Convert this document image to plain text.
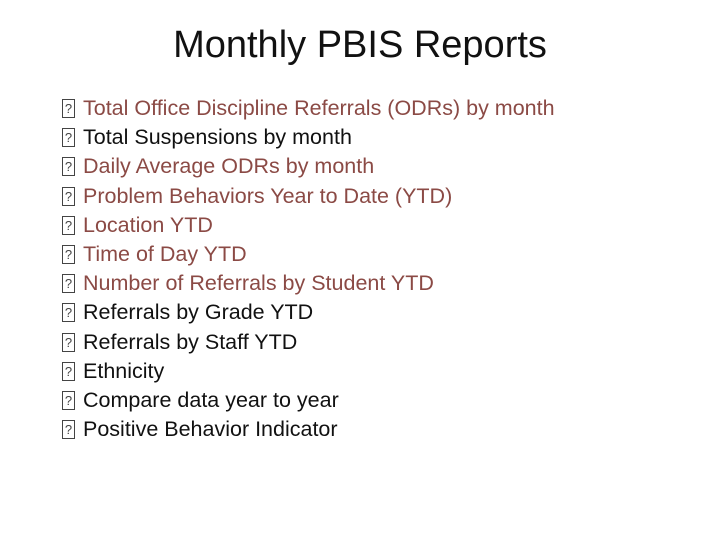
Monthly PBIS Reports
?
Total Office Discipline Referrals (ODRs) by month
?
Total Suspensions by month
?
Daily Average ODRs by month
?
Problem Behaviors Year to Date (YTD)
?
Location YTD
?
Time of Day YTD
?
Number of Referrals by Student YTD
?
Referrals by Grade YTD
?
Referrals by Staff YTD
?
Ethnicity
?
Compare data year to year
?
Positive Behavior Indicator
